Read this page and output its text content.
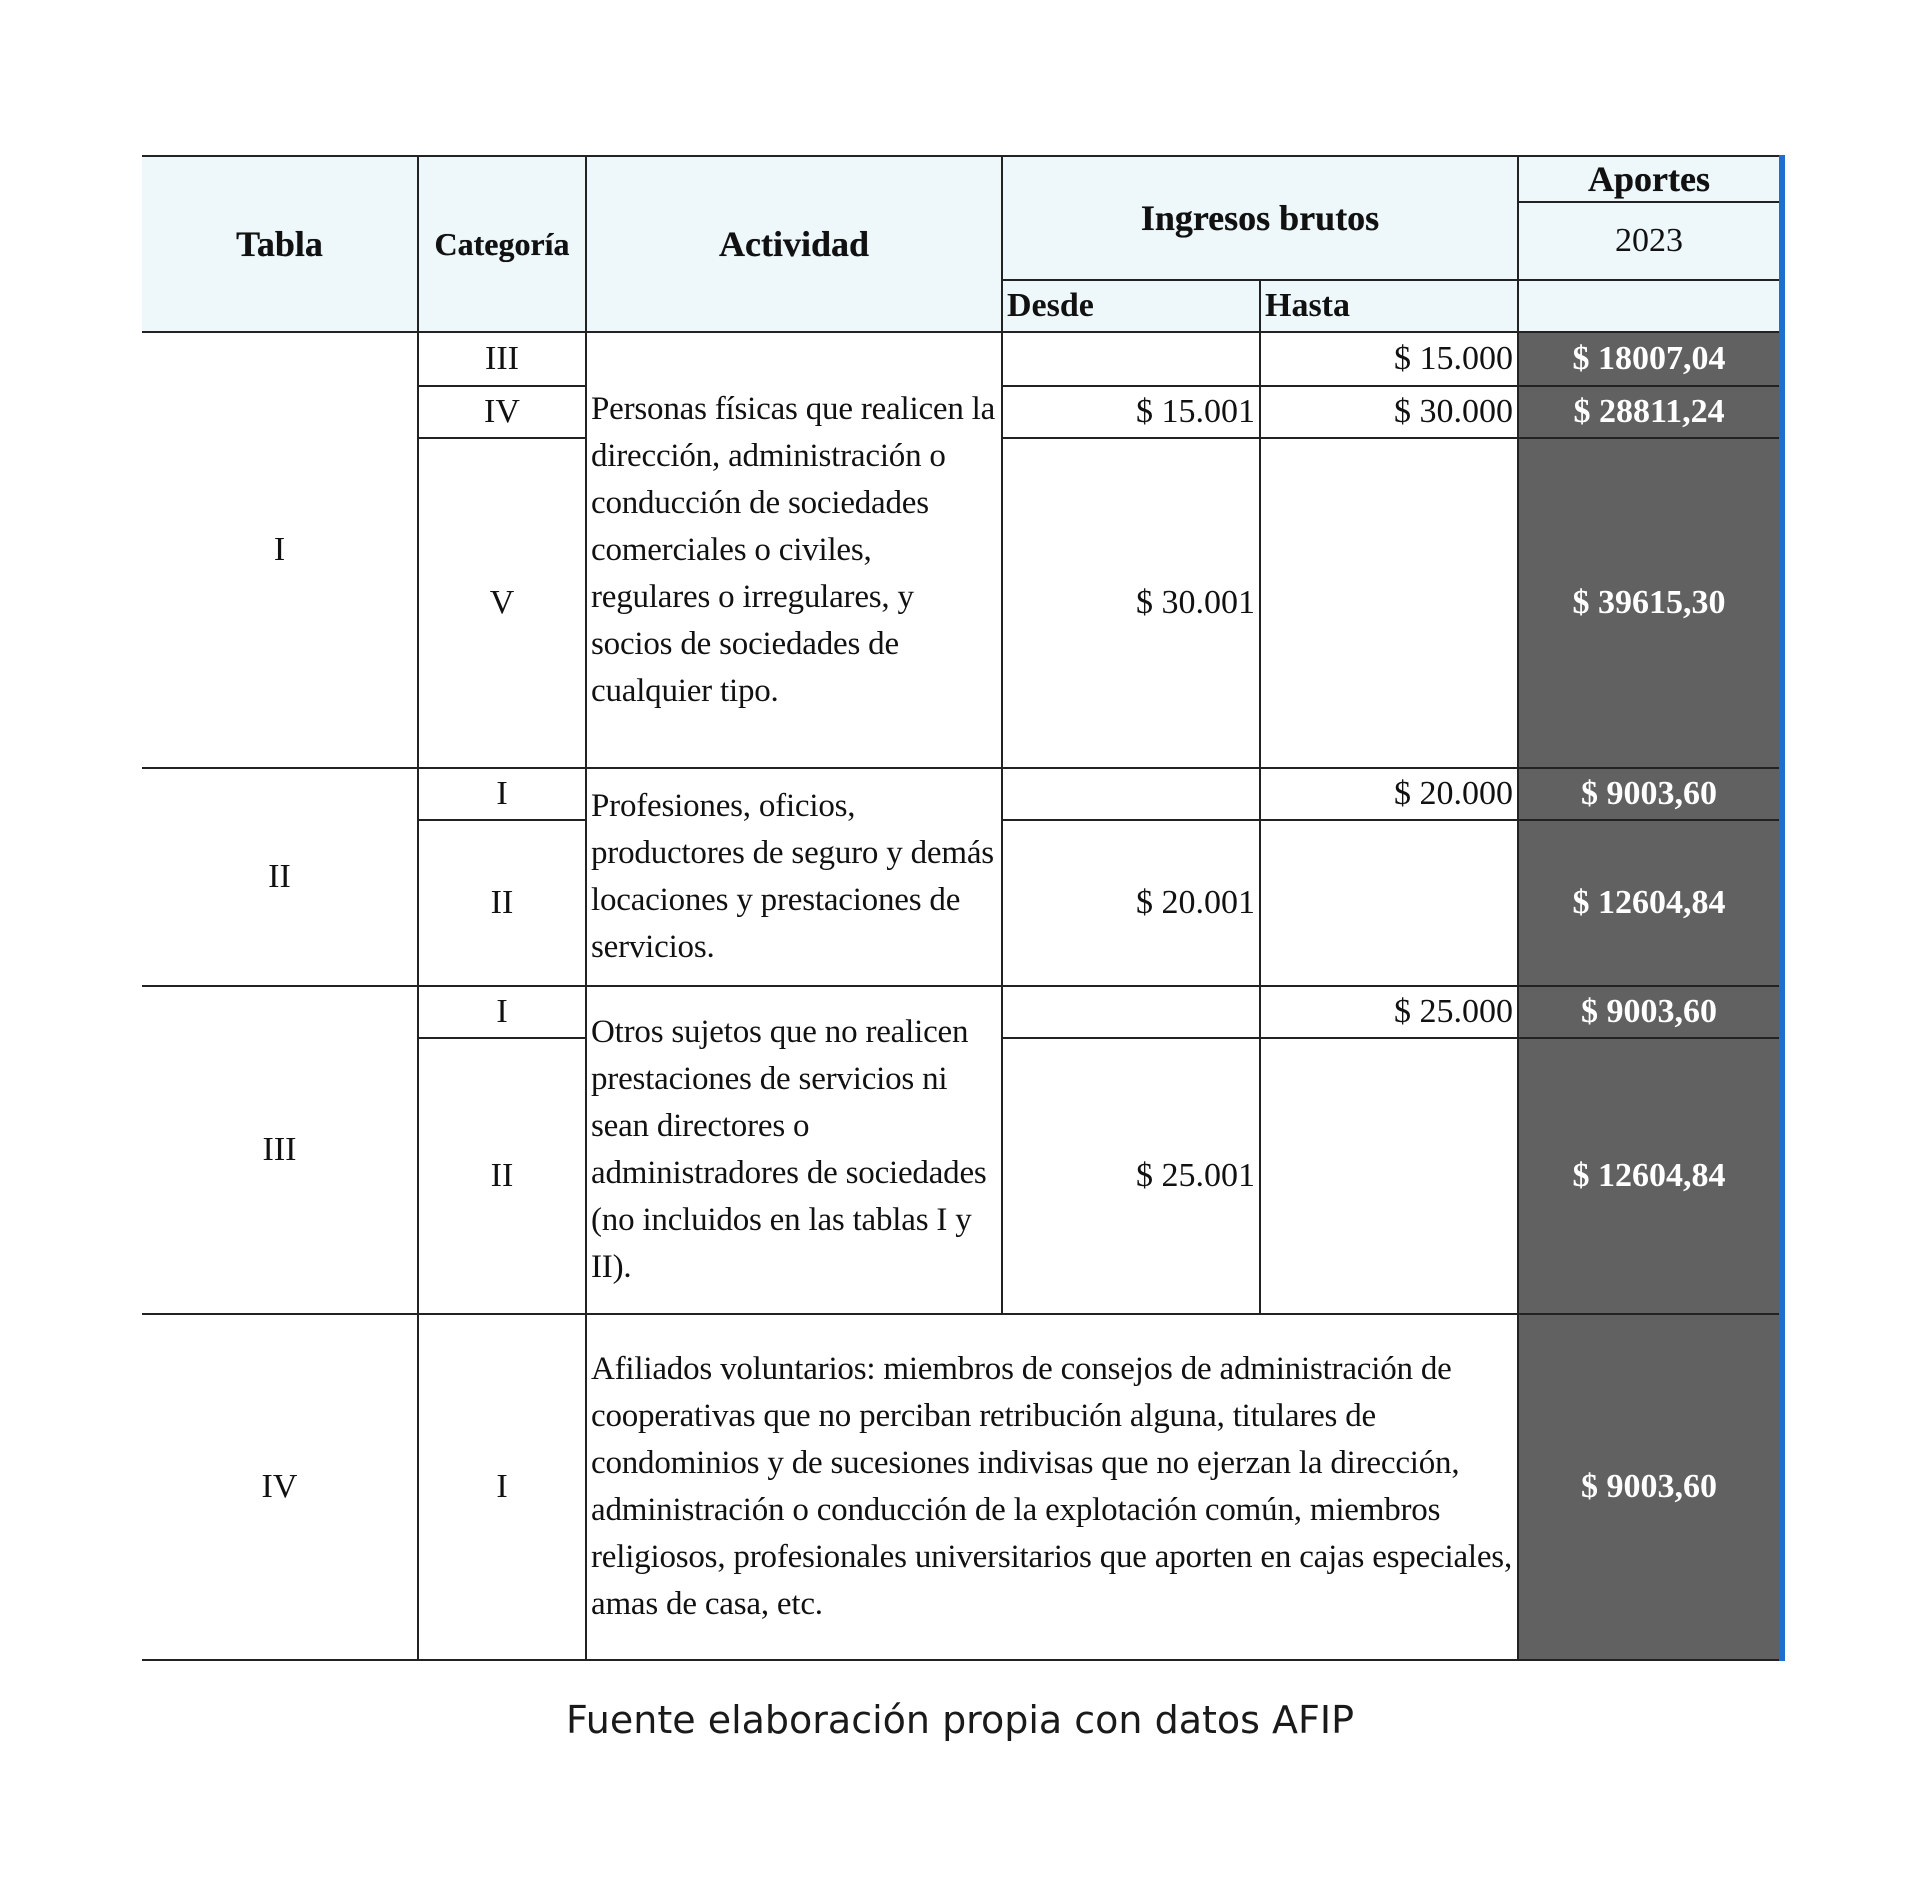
Tabla	Categoría	Actividad	Ingresos brutos		Aportes
					2023
			Desde	Hasta	
I	III	Personas físicas que realicen la dirección, administración o conducción de sociedades comerciales o civiles, regulares o irregulares, y socios de sociedades de cualquier tipo.		$ 15.000	$ 18007,04
	IV		$ 15.001	$ 30.000	$ 28811,24
	V		$ 30.001		$ 39615,30
II	I	Profesiones, oficios, productores de seguro y demás locaciones y prestaciones de servicios.		$ 20.000	$ 9003,60
	II		$ 20.001		$ 12604,84
III	I	Otros sujetos que no realicen prestaciones de servicios ni sean directores o administradores de sociedades (no incluidos en las tablas I y II).		$ 25.000	$ 9003,60
	II		$ 25.001		$ 12604,84
IV	I	Afiliados voluntarios: miembros de consejos de administración de cooperativas que no perciban retribución alguna, titulares de condominios y de sucesiones indivisas que no ejerzan la dirección, administración o conducción de la explotación común, miembros religiosos, profesionales universitarios que aporten en cajas especiales, amas de casa, etc.			$ 9003,60
Fuente elaboración propia con datos AFIP
